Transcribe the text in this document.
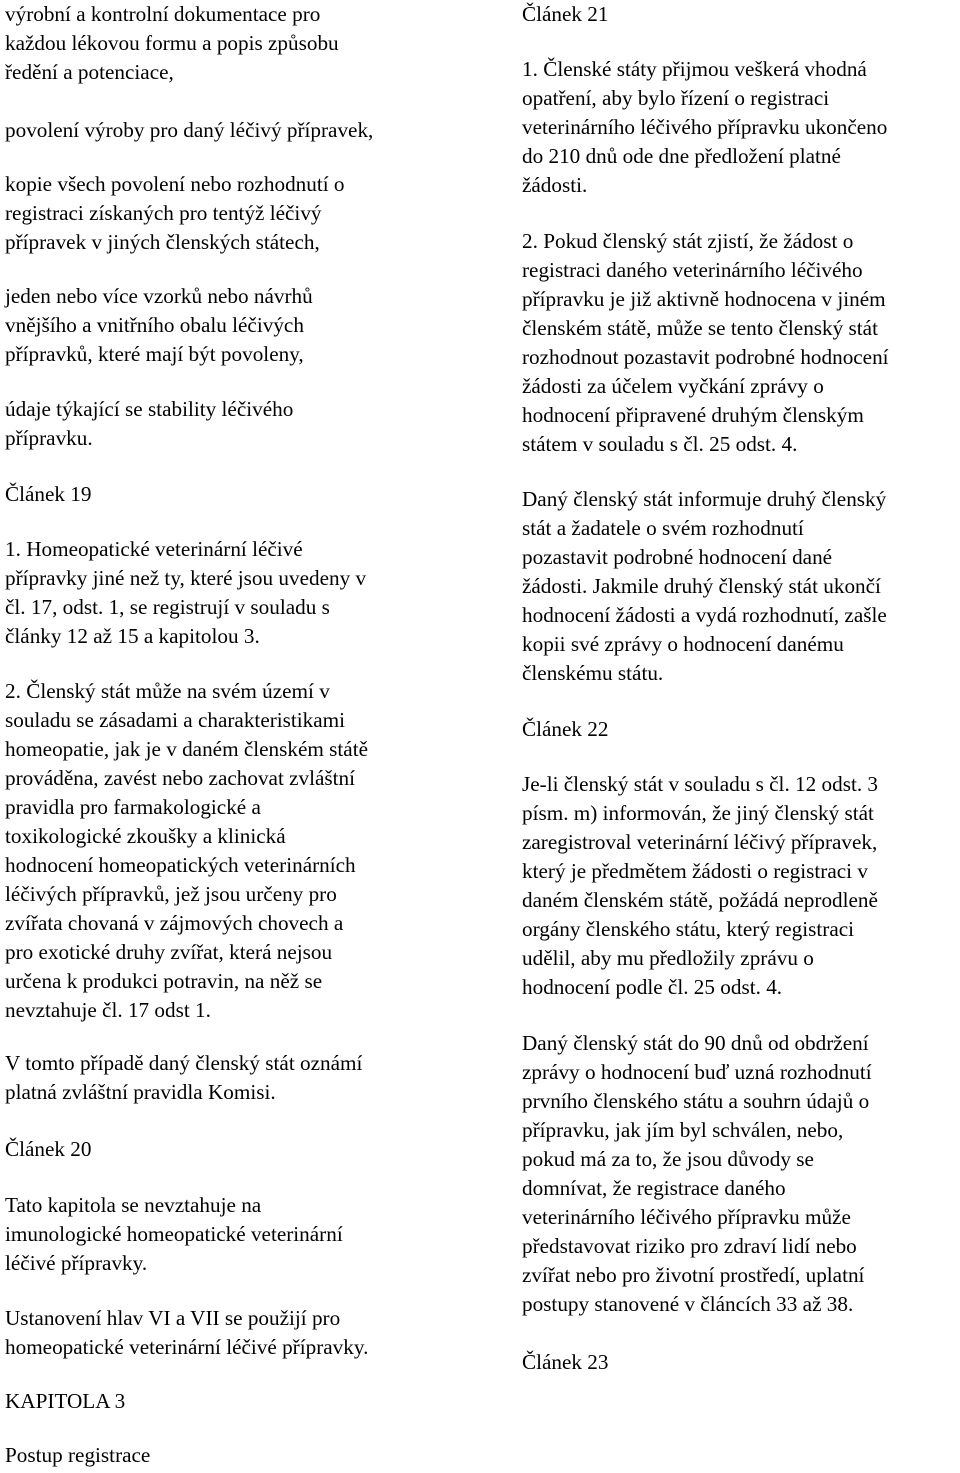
výrobní a kontrolní dokumentace pro
každou lékovou formu a popis způsobu
ředění a potenciace,

povolení výroby pro daný léčivý přípravek,

kopie všech povolení nebo rozhodnutí o
registraci získaných pro tentýž léčivý
přípravek v jiných členských státech,

jeden nebo více vzorků nebo návrhů
vnějšího a vnitřního obalu léčivých
přípravků, které mají být povoleny,

údaje týkající se stability léčivého
přípravku.

Článek 19

1. Homeopatické veterinární léčivé
přípravky jiné než ty, které jsou uvedeny v
čl. 17, odst. 1, se registrují v souladu s
články 12 až 15 a kapitolou 3.

2. Členský stát může na svém území v
souladu se zásadami a charakteristikami
homeopatie, jak je v daném členském státě
prováděna, zavést nebo zachovat zvláštní
pravidla pro farmakologické a
toxikologické zkoušky a klinická
hodnocení homeopatických veterinárních
léčivých přípravků, jež jsou určeny pro
zvířata chovaná v zájmových chovech a
pro exotické druhy zvířat, která nejsou
určena k produkci potravin, na něž se
nevztahuje čl. 17 odst 1.

V tomto případě daný členský stát oznámí
platná zvláštní pravidla Komisi.

Článek 20

Tato kapitola se nevztahuje na
imunologické homeopatické veterinární
léčivé přípravky.

Ustanovení hlav VI a VII se použijí pro
homeopatické veterinární léčivé přípravky.

KAPITOLA 3

Postup registrace

Článek 21

1. Členské státy přijmou veškerá vhodná
opatření, aby bylo řízení o registraci
veterinárního léčivého přípravku ukončeno
do 210 dnů ode dne předložení platné
žádosti.

2. Pokud členský stát zjistí, že žádost o
registraci daného veterinárního léčivého
přípravku je již aktivně hodnocena v jiném
členském státě, může se tento členský stát
rozhodnout pozastavit podrobné hodnocení
žádosti za účelem vyčkání zprávy o
hodnocení připravené druhým členským
státem v souladu s čl. 25 odst. 4.

Daný členský stát informuje druhý členský
stát a žadatele o svém rozhodnutí
pozastavit podrobné hodnocení dané
žádosti. Jakmile druhý členský stát ukončí
hodnocení žádosti a vydá rozhodnutí, zašle
kopii své zprávy o hodnocení danému
členskému státu.

Článek 22

Je-li členský stát v souladu s čl. 12 odst. 3
písm. m) informován, že jiný členský stát
zaregistroval veterinární léčivý přípravek,
který je předmětem žádosti o registraci v
daném členském státě, požádá neprodleně
orgány členského státu, který registraci
udělil, aby mu předložily zprávu o
hodnocení podle čl. 25 odst. 4.

Daný členský stát do 90 dnů od obdržení
zprávy o hodnocení buď uzná rozhodnutí
prvního členského státu a souhrn údajů o
přípravku, jak jím byl schválen, nebo,
pokud má za to, že jsou důvody se
domnívat, že registrace daného
veterinárního léčivého přípravku může
představovat riziko pro zdraví lidí nebo
zvířat nebo pro životní prostředí, uplatní
postupy stanovené v článcích 33 až 38.

Článek 23
